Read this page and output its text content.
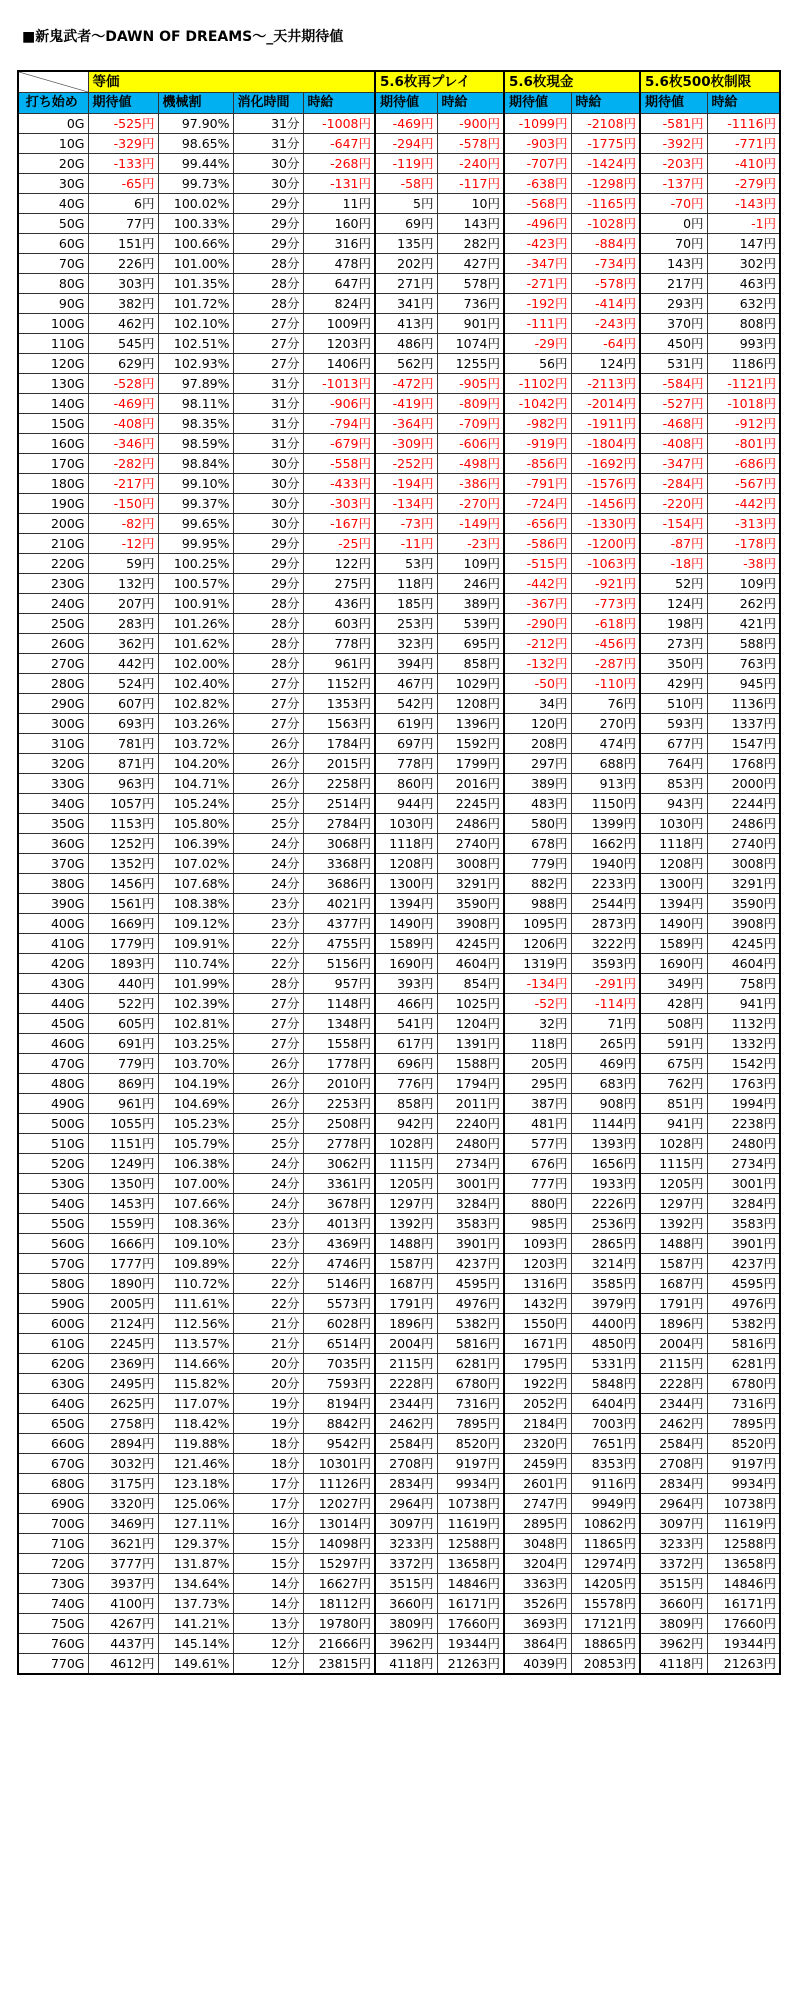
■新鬼武者～DAWN OF DREAMS～_天井期待値
	等価				5.6枚再プレイ		5.6枚現金		5.6枚500枚制限	
打ち始め	期待値	機械割	消化時間	時給	期待値	時給	期待値	時給	期待値	時給
0G	-525円	97.90%	31分	-1008円	-469円	-900円	-1099円	-2108円	-581円	-1116円
10G	-329円	98.65%	31分	-647円	-294円	-578円	-903円	-1775円	-392円	-771円
20G	-133円	99.44%	30分	-268円	-119円	-240円	-707円	-1424円	-203円	-410円
30G	-65円	99.73%	30分	-131円	-58円	-117円	-638円	-1298円	-137円	-279円
40G	6円	100.02%	29分	11円	5円	10円	-568円	-1165円	-70円	-143円
50G	77円	100.33%	29分	160円	69円	143円	-496円	-1028円	0円	-1円
60G	151円	100.66%	29分	316円	135円	282円	-423円	-884円	70円	147円
70G	226円	101.00%	28分	478円	202円	427円	-347円	-734円	143円	302円
80G	303円	101.35%	28分	647円	271円	578円	-271円	-578円	217円	463円
90G	382円	101.72%	28分	824円	341円	736円	-192円	-414円	293円	632円
100G	462円	102.10%	27分	1009円	413円	901円	-111円	-243円	370円	808円
110G	545円	102.51%	27分	1203円	486円	1074円	-29円	-64円	450円	993円
120G	629円	102.93%	27分	1406円	562円	1255円	56円	124円	531円	1186円
130G	-528円	97.89%	31分	-1013円	-472円	-905円	-1102円	-2113円	-584円	-1121円
140G	-469円	98.11%	31分	-906円	-419円	-809円	-1042円	-2014円	-527円	-1018円
150G	-408円	98.35%	31分	-794円	-364円	-709円	-982円	-1911円	-468円	-912円
160G	-346円	98.59%	31分	-679円	-309円	-606円	-919円	-1804円	-408円	-801円
170G	-282円	98.84%	30分	-558円	-252円	-498円	-856円	-1692円	-347円	-686円
180G	-217円	99.10%	30分	-433円	-194円	-386円	-791円	-1576円	-284円	-567円
190G	-150円	99.37%	30分	-303円	-134円	-270円	-724円	-1456円	-220円	-442円
200G	-82円	99.65%	30分	-167円	-73円	-149円	-656円	-1330円	-154円	-313円
210G	-12円	99.95%	29分	-25円	-11円	-23円	-586円	-1200円	-87円	-178円
220G	59円	100.25%	29分	122円	53円	109円	-515円	-1063円	-18円	-38円
230G	132円	100.57%	29分	275円	118円	246円	-442円	-921円	52円	109円
240G	207円	100.91%	28分	436円	185円	389円	-367円	-773円	124円	262円
250G	283円	101.26%	28分	603円	253円	539円	-290円	-618円	198円	421円
260G	362円	101.62%	28分	778円	323円	695円	-212円	-456円	273円	588円
270G	442円	102.00%	28分	961円	394円	858円	-132円	-287円	350円	763円
280G	524円	102.40%	27分	1152円	467円	1029円	-50円	-110円	429円	945円
290G	607円	102.82%	27分	1353円	542円	1208円	34円	76円	510円	1136円
300G	693円	103.26%	27分	1563円	619円	1396円	120円	270円	593円	1337円
310G	781円	103.72%	26分	1784円	697円	1592円	208円	474円	677円	1547円
320G	871円	104.20%	26分	2015円	778円	1799円	297円	688円	764円	1768円
330G	963円	104.71%	26分	2258円	860円	2016円	389円	913円	853円	2000円
340G	1057円	105.24%	25分	2514円	944円	2245円	483円	1150円	943円	2244円
350G	1153円	105.80%	25分	2784円	1030円	2486円	580円	1399円	1030円	2486円
360G	1252円	106.39%	24分	3068円	1118円	2740円	678円	1662円	1118円	2740円
370G	1352円	107.02%	24分	3368円	1208円	3008円	779円	1940円	1208円	3008円
380G	1456円	107.68%	24分	3686円	1300円	3291円	882円	2233円	1300円	3291円
390G	1561円	108.38%	23分	4021円	1394円	3590円	988円	2544円	1394円	3590円
400G	1669円	109.12%	23分	4377円	1490円	3908円	1095円	2873円	1490円	3908円
410G	1779円	109.91%	22分	4755円	1589円	4245円	1206円	3222円	1589円	4245円
420G	1893円	110.74%	22分	5156円	1690円	4604円	1319円	3593円	1690円	4604円
430G	440円	101.99%	28分	957円	393円	854円	-134円	-291円	349円	758円
440G	522円	102.39%	27分	1148円	466円	1025円	-52円	-114円	428円	941円
450G	605円	102.81%	27分	1348円	541円	1204円	32円	71円	508円	1132円
460G	691円	103.25%	27分	1558円	617円	1391円	118円	265円	591円	1332円
470G	779円	103.70%	26分	1778円	696円	1588円	205円	469円	675円	1542円
480G	869円	104.19%	26分	2010円	776円	1794円	295円	683円	762円	1763円
490G	961円	104.69%	26分	2253円	858円	2011円	387円	908円	851円	1994円
500G	1055円	105.23%	25分	2508円	942円	2240円	481円	1144円	941円	2238円
510G	1151円	105.79%	25分	2778円	1028円	2480円	577円	1393円	1028円	2480円
520G	1249円	106.38%	24分	3062円	1115円	2734円	676円	1656円	1115円	2734円
530G	1350円	107.00%	24分	3361円	1205円	3001円	777円	1933円	1205円	3001円
540G	1453円	107.66%	24分	3678円	1297円	3284円	880円	2226円	1297円	3284円
550G	1559円	108.36%	23分	4013円	1392円	3583円	985円	2536円	1392円	3583円
560G	1666円	109.10%	23分	4369円	1488円	3901円	1093円	2865円	1488円	3901円
570G	1777円	109.89%	22分	4746円	1587円	4237円	1203円	3214円	1587円	4237円
580G	1890円	110.72%	22分	5146円	1687円	4595円	1316円	3585円	1687円	4595円
590G	2005円	111.61%	22分	5573円	1791円	4976円	1432円	3979円	1791円	4976円
600G	2124円	112.56%	21分	6028円	1896円	5382円	1550円	4400円	1896円	5382円
610G	2245円	113.57%	21分	6514円	2004円	5816円	1671円	4850円	2004円	5816円
620G	2369円	114.66%	20分	7035円	2115円	6281円	1795円	5331円	2115円	6281円
630G	2495円	115.82%	20分	7593円	2228円	6780円	1922円	5848円	2228円	6780円
640G	2625円	117.07%	19分	8194円	2344円	7316円	2052円	6404円	2344円	7316円
650G	2758円	118.42%	19分	8842円	2462円	7895円	2184円	7003円	2462円	7895円
660G	2894円	119.88%	18分	9542円	2584円	8520円	2320円	7651円	2584円	8520円
670G	3032円	121.46%	18分	10301円	2708円	9197円	2459円	8353円	2708円	9197円
680G	3175円	123.18%	17分	11126円	2834円	9934円	2601円	9116円	2834円	9934円
690G	3320円	125.06%	17分	12027円	2964円	10738円	2747円	9949円	2964円	10738円
700G	3469円	127.11%	16分	13014円	3097円	11619円	2895円	10862円	3097円	11619円
710G	3621円	129.37%	15分	14098円	3233円	12588円	3048円	11865円	3233円	12588円
720G	3777円	131.87%	15分	15297円	3372円	13658円	3204円	12974円	3372円	13658円
730G	3937円	134.64%	14分	16627円	3515円	14846円	3363円	14205円	3515円	14846円
740G	4100円	137.73%	14分	18112円	3660円	16171円	3526円	15578円	3660円	16171円
750G	4267円	141.21%	13分	19780円	3809円	17660円	3693円	17121円	3809円	17660円
760G	4437円	145.14%	12分	21666円	3962円	19344円	3864円	18865円	3962円	19344円
770G	4612円	149.61%	12分	23815円	4118円	21263円	4039円	20853円	4118円	21263円
